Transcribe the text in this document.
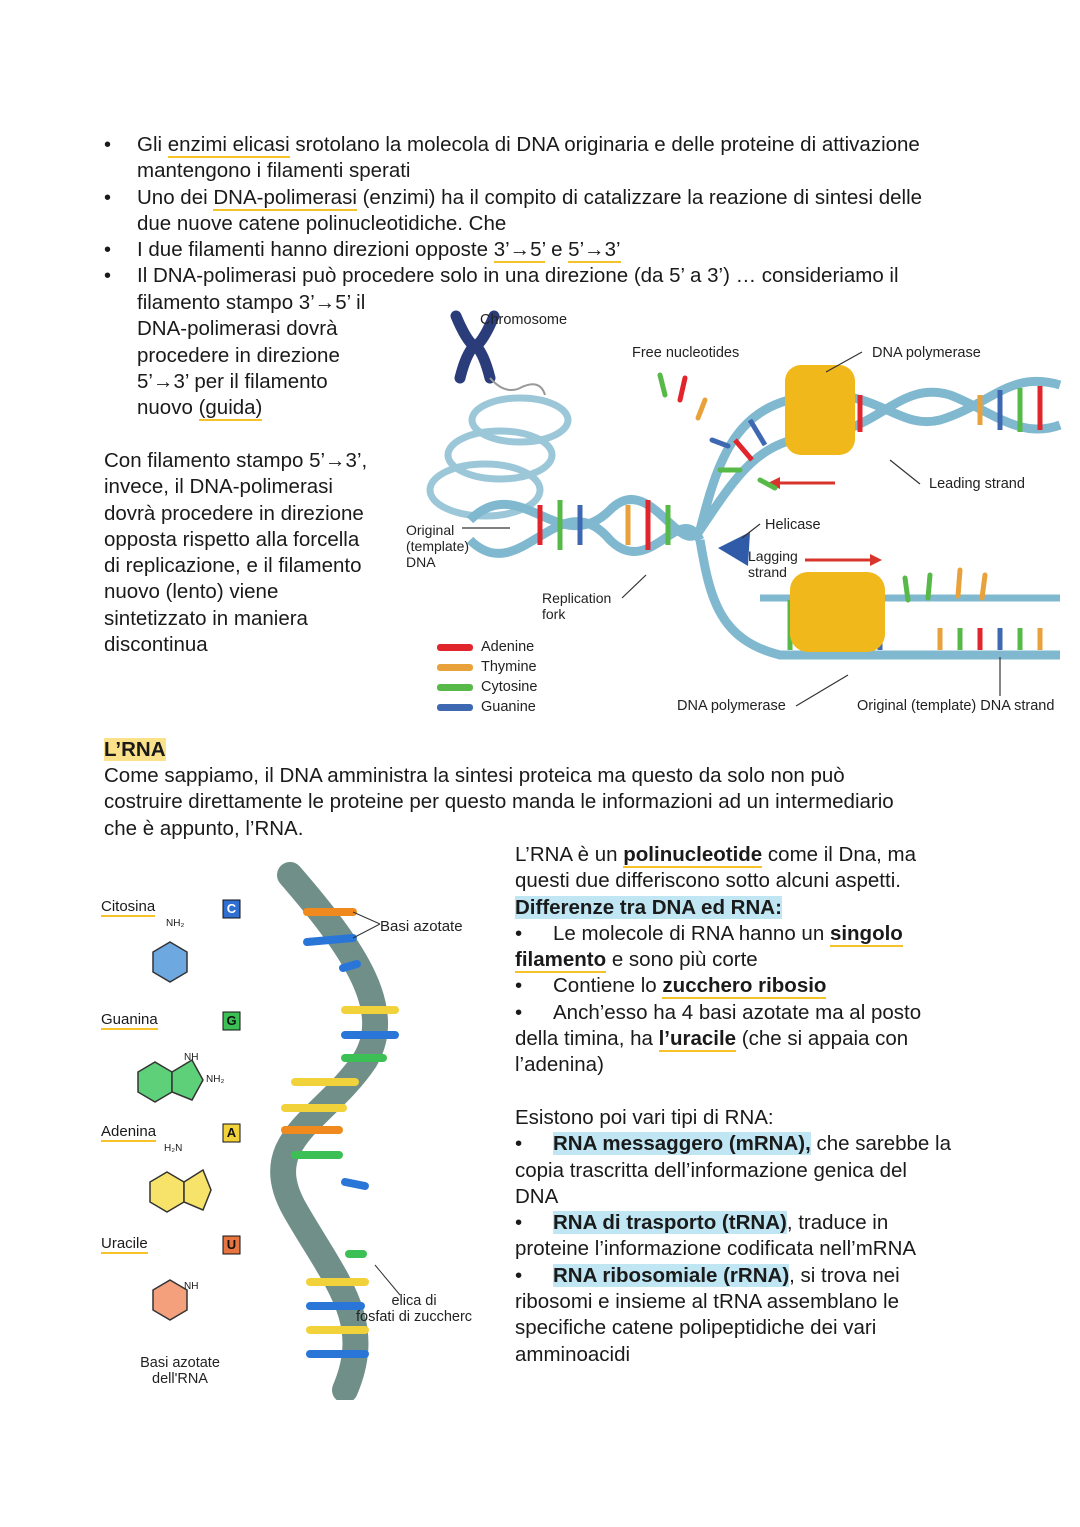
• Gli enzimi elicasi srotolano la molecola di DNA originaria e delle proteine di attivazione
mantengono i filamenti sperati
• Uno dei DNA-polimerasi (enzimi) ha il compito di catalizzare la reazione di sintesi delle
due nuove catene polinucleotidiche. Che
• I due filamenti hanno direzioni opposte 3’→5’ e 5’→3’
• Il DNA-polimerasi può procedere solo in una direzione (da 5’ a 3’) … consideriamo il
filamento stampo 3’→5’ il
DNA-polimerasi dovrà
procedere in direzione
5’→3’ per il filamento
nuovo (guida)
Con filamento stampo 5’→3’,
invece, il DNA-polimerasi
dovrà procedere in direzione
opposta rispetto alla forcella
di replicazione, e il filamento
nuovo (lento) viene
sintetizzato in maniera
discontinua
Chromosome
Free nucleotides	DNA polymerase
Leading strand
Helicase
Original
(template)
DNA	Lagging
strand
Replication
fork
DNA polymerase	Original (template) DNA strand
Adenine
Thymine
Cytosine
Guanine
L’RNA
Come sappiamo, il DNA amministra la sintesi proteica ma questo da solo non può
costruire direttamente le proteine per questo manda le informazioni ad un intermediario
che è appunto, l’RNA.
L’RNA è un polinucleotide come il Dna, ma
questi due differiscono sotto alcuni aspetti.
Differenze tra DNA ed RNA:
• Le molecole di RNA hanno un singolo
filamento e sono più corte
• Contiene lo zucchero ribosio
• Anch’esso ha 4 basi azotate ma al posto
della timina, ha l’uracile (che si appaia con
l’adenina)
Esistono poi vari tipi di RNA:
• RNA messaggero (mRNA), che sarebbe la
copia trascritta dell’informazione genica del
DNA
• RNA di trasporto (tRNA), traduce in
proteine l’informazione codificata nell’mRNA
• RNA ribosomiale (rRNA), si trova nei
ribosomi e insieme al tRNA assemblano le
specifiche catene polipeptidiche dei vari
amminoacidi
Citosina
Guanina
Adenina
Uracile
C
G
A
U
NH₂
NH
NH₂
H₂N
NH
Basi azotate
elica di
fosfati di zuccherc
Basi azotate
dell'RNA
